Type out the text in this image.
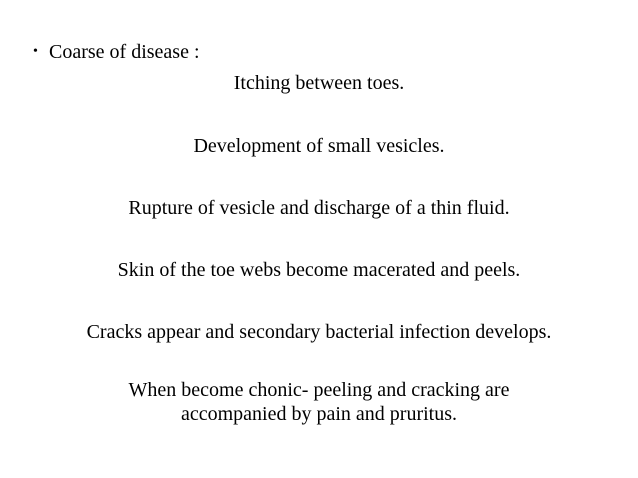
• Coarse of disease :
Itching between toes.
Development of small vesicles.
Rupture of vesicle and discharge of a thin fluid.
Skin of the toe webs become macerated and peels.
Cracks appear and secondary bacterial infection develops.
When become chonic- peeling and cracking are
accompanied by pain and pruritus.
